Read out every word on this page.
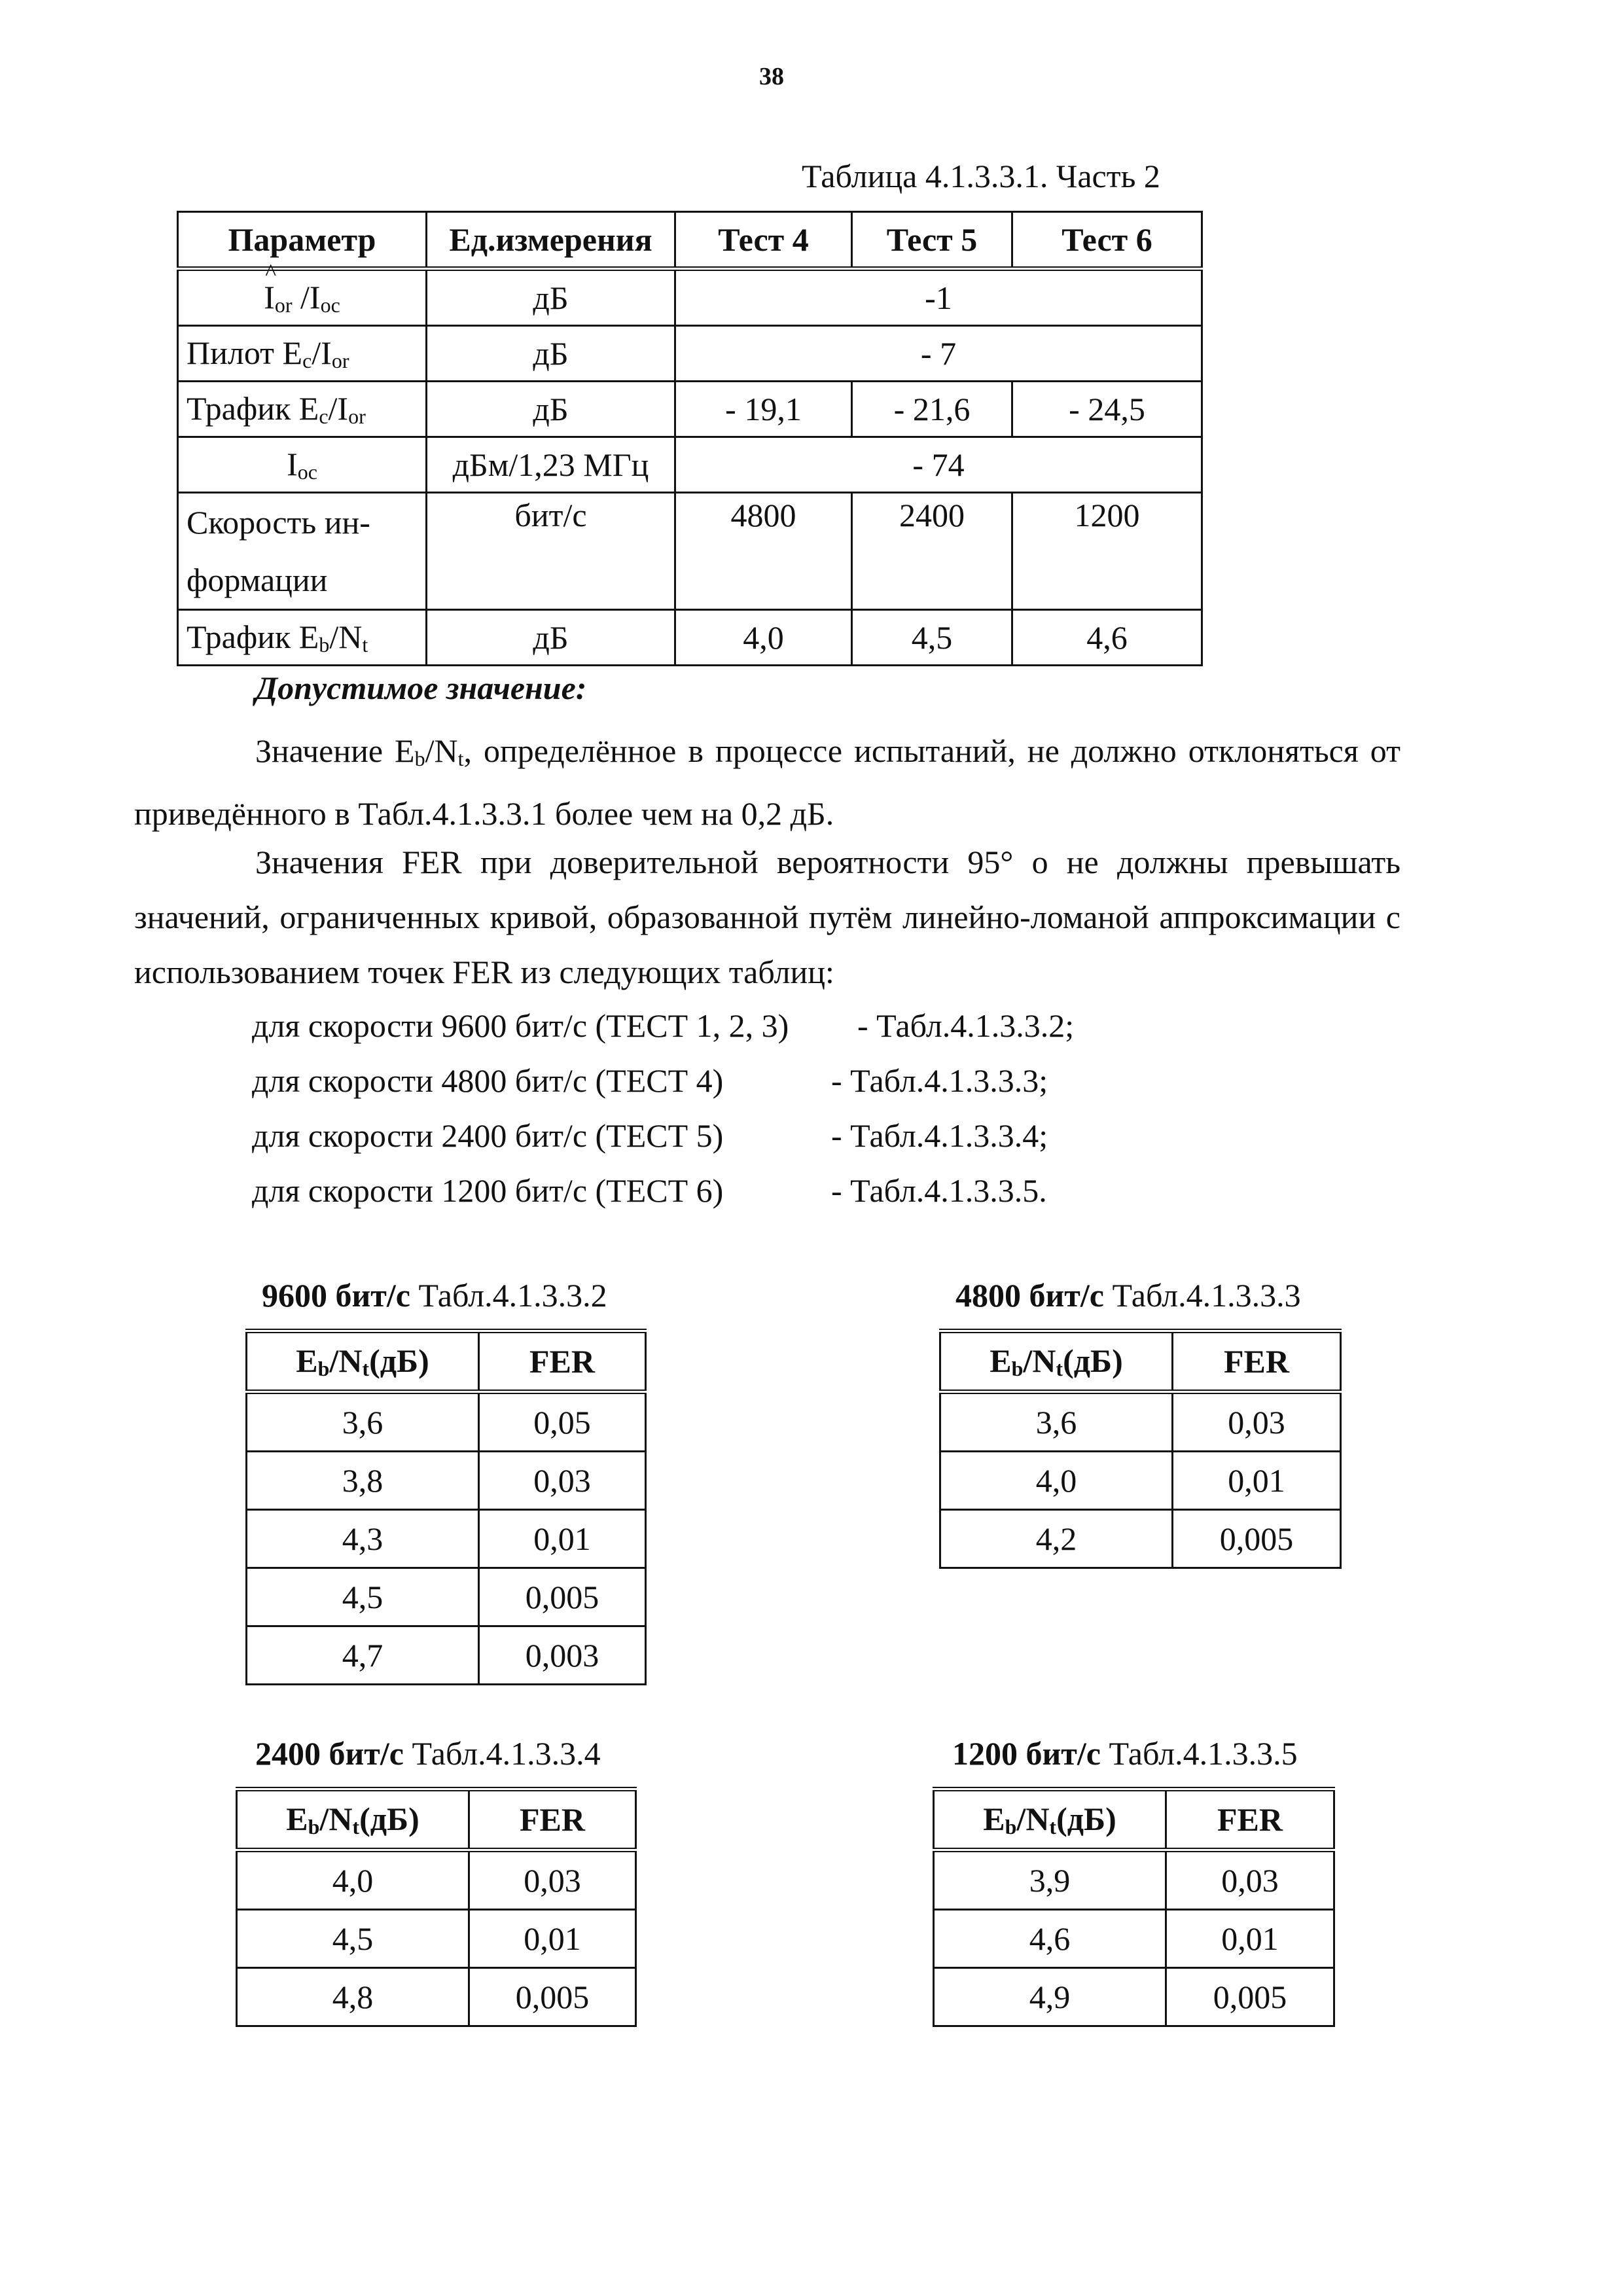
38
Таблица 4.1.3.3.1. Часть 2
Параметр	Ед.измерения	Тест 4	Тест 5	Тест 6
^ $I_{or}$ $/I_{oc}$	дБ	-1		
Пилот $E_c/I_{or}$	дБ	- 7		
Трафик $E_c/I_{or}$	дБ	- 19,1	- 21,6	- 24,5
$I_{oc}$	дБм/1,23 МГц	- 74		
Скорость ин-формации	бит/с	4800	2400	1200
Трафик $E_b/N_t$	дБ	4,0	4,5	4,6
Допустимое значение:
Значение $E_b/N_t$, определённое в процессе испытаний, не должно отклоняться от приведённого в Табл.4.1.3.3.1 более чем на 0,2 дБ.
Значения FER при доверительной вероятности 95° о не должны превышать значений, ограниченных кривой, образованной путём линейно-ломаной аппроксимации с использованием точек FER из следующих таблиц:
для скорости 9600 бит/с (ТЕСТ 1, 2, 3) - Табл.4.1.3.3.2;
для скорости 4800 бит/с (ТЕСТ 4)	- Табл.4.1.3.3.3;
для скорости 2400 бит/с (ТЕСТ 5)	- Табл.4.1.3.3.4;
для скорости 1200 бит/с (ТЕСТ 6)	- Табл.4.1.3.3.5.
9600 бит/с Табл.4.1.3.3.2
$E_b/N_t(дБ)$	FER
3,6	0,05
3,8	0,03
4,3	0,01
4,5	0,005
4,7	0,003
4800 бит/с Табл.4.1.3.3.3
$E_b/N_t(дБ)$	FER
3,6	0,03
4,0	0,01
4,2	0,005
2400 бит/с Табл.4.1.3.3.4
$E_b/N_t(дБ)$	FER
4,0	0,03
4,5	0,01
4,8	0,005
1200 бит/с Табл.4.1.3.3.5
$E_b/N_t(дБ)$	FER
3,9	0,03
4,6	0,01
4,9	0,005
